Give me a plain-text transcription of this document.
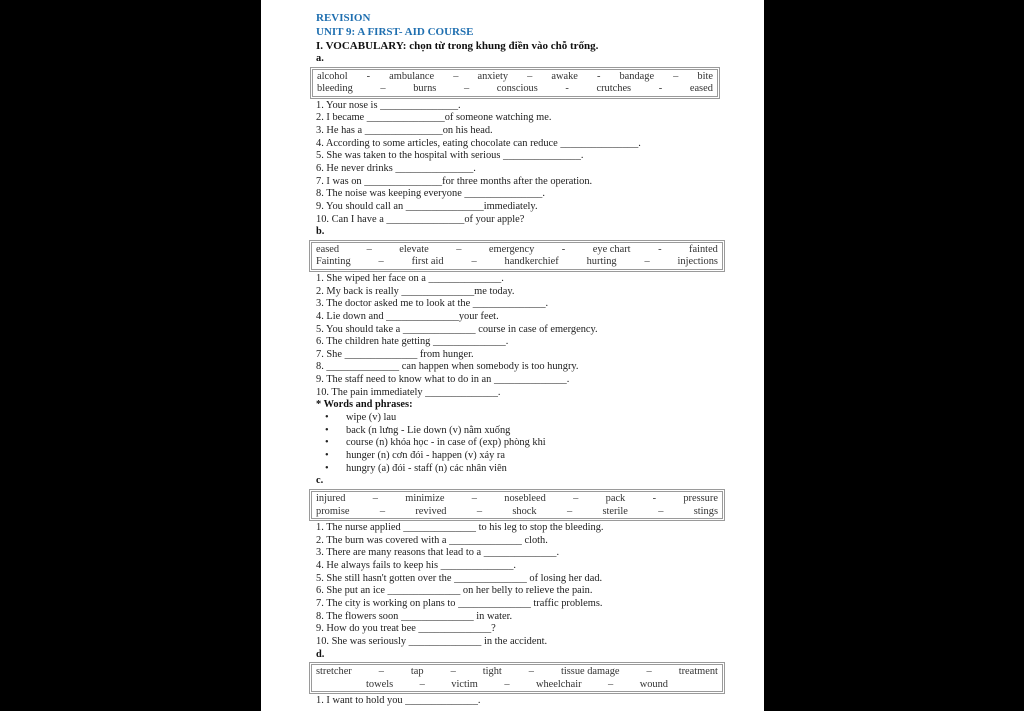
REVISION
UNIT 9: A FIRST- AID COURSE
I. VOCABULARY: chọn từ trong khung điền vào chỗ trống.
a.
alcohol - ambulance – anxiety – awake - bandage – bite
bleeding	–	burns	–	conscious	-	crutches	-	eased
1. Your nose is _______________.
2. I became _______________of someone watching me.
3. He has a _______________on his head.
4. According to some articles, eating chocolate can reduce _______________.
5. She was taken to the hospital with serious _______________.
6. He never drinks _______________.
7. I was on _______________for three months after the operation.
8. The noise was keeping everyone _______________.
9. You should call an _______________immediately.
10. Can I have a _______________of your apple?
b.
eased	–	elevate	–	emergency	-	eye chart	-	fainted
Fainting	–	first aid	–	handkerchief	hurting	–	injections
1. She wiped her face on a ______________.
2. My back is really ______________me today.
3. The doctor asked me to look at the ______________.
4. Lie down and ______________your feet.
5. You should take a ______________ course in case of emergency.
6. The children hate getting ______________.
7. She ______________ from hunger.
8. ______________ can happen when somebody is too hungry.
9. The staff need to know what to do in an ______________.
10. The pain immediately ______________.
* Words and phrases:
• wipe (v) lau
• back (n lưng - Lie down (v) nằm xuống
• course (n) khóa học - in case of (exp) phòng khi
• hunger (n) cơn đói - happen (v) xảy ra
• hungry (a) đói - staff (n) các nhân viên
c.
injured	–	minimize	–	nosebleed	–	pack	-	pressure
promise	–	revived	–	shock	–	sterile	–	stings
1. The nurse applied ______________ to his leg to stop the bleeding.
2. The burn was covered with a ______________ cloth.
3. There are many reasons that lead to a ______________.
4. He always fails to keep his ______________.
5. She still hasn't gotten over the ______________ of losing her dad.
6. She put an ice ______________ on her belly to relieve the pain.
7. The city is working on plans to ______________ traffic problems.
8. The flowers soon ______________ in water.
9. How do you treat bee ______________?
10. She was seriously ______________ in the accident.
d.
stretcher	–	tap	–	tight	–	tissue damage	–	treatment
towels	–	victim	–	wheelchair	–	wound
1. I want to hold you ______________.
